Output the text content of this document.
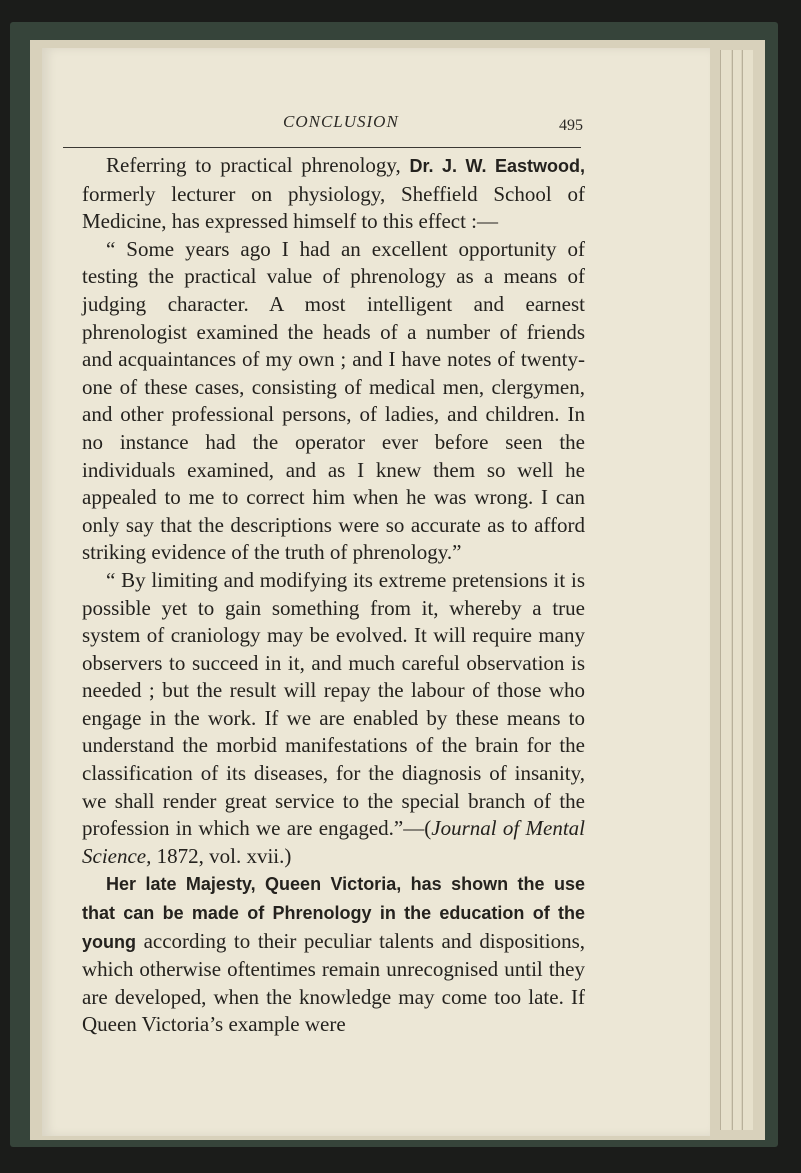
CONCLUSION	495

Referring to practical phrenology, Dr. J. W. Eastwood, formerly lecturer on physiology, Sheffield School of Medicine, has expressed himself to this effect :—

“ Some years ago I had an excellent opportunity of testing the practical value of phrenology as a means of judging character. A most intelligent and earnest phrenologist examined the heads of a number of friends and acquaintances of my own ; and I have notes of twenty-one of these cases, consisting of medical men, clergymen, and other professional persons, of ladies, and children. In no instance had the operator ever before seen the individuals examined, and as I knew them so well he appealed to me to correct him when he was wrong. I can only say that the descriptions were so accurate as to afford striking evidence of the truth of phrenology.”

“ By limiting and modifying its extreme pretensions it is possible yet to gain something from it, whereby a true system of craniology may be evolved. It will require many observers to succeed in it, and much careful observation is needed ; but the result will repay the labour of those who engage in the work. If we are enabled by these means to understand the morbid manifestations of the brain for the classification of its diseases, for the diagnosis of insanity, we shall render great service to the special branch of the profession in which we are engaged.”—(Journal of Mental Science, 1872, vol. xvii.)

Her late Majesty, Queen Victoria, has shown the use that can be made of Phrenology in the education of the young according to their peculiar talents and dispositions, which otherwise oftentimes remain unrecognised until they are developed, when the knowledge may come too late. If Queen Victoria’s example were
